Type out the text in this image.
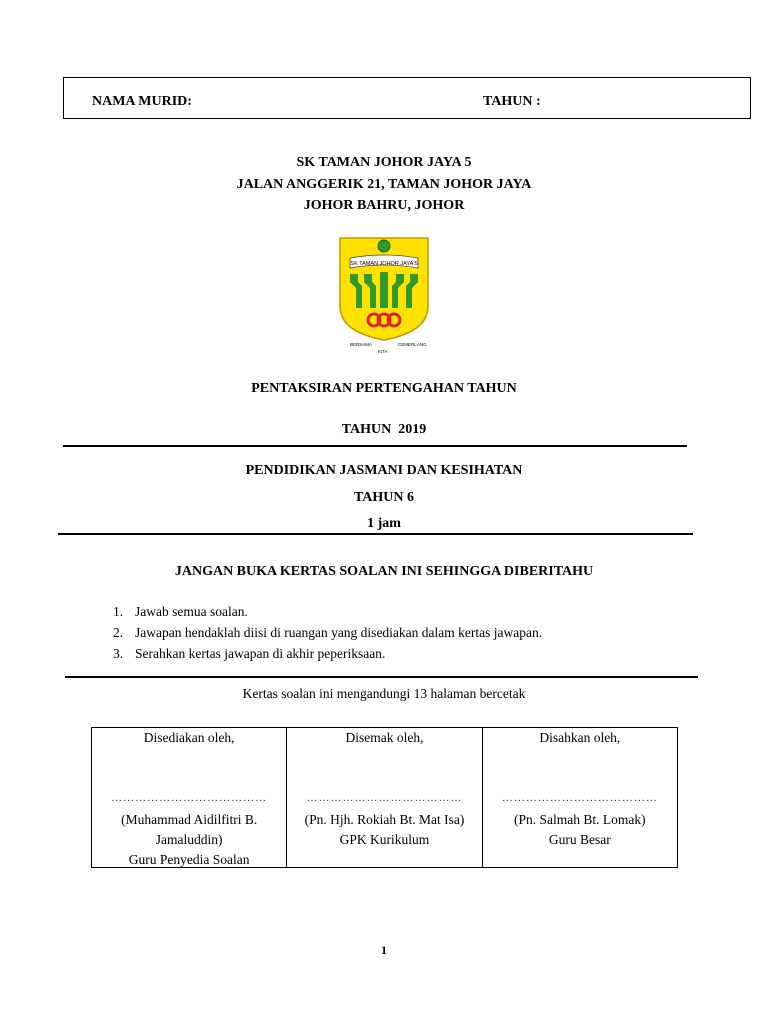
NAMA MURID:	TAHUN :
SK TAMAN JOHOR JAYA 5
JALAN ANGGERIK 21, TAMAN JOHOR JAYA
JOHOR BAHRU, JOHOR
SK TAMAN JOHOR JAYA 5
BERSAMA
KITA
CEMERLANG
PENTAKSIRAN PERTENGAHAN TAHUN
TAHUN  2019
PENDIDIKAN JASMANI DAN KESIHATAN
TAHUN 6
1 jam
JANGAN BUKA KERTAS SOALAN INI SEHINGGA DIBERITAHU
1. Jawab semua soalan.
2. Jawapan hendaklah diisi di ruangan yang disediakan dalam kertas jawapan.
3. Serahkan kertas jawapan di akhir peperiksaan.
Kertas soalan ini mengandungi 13 halaman bercetak
Disediakan oleh,
…………………………………
(Muhammad Aidilfitri B. Jamaluddin)
Guru Penyedia Soalan

Disemak oleh,
…………………………………
(Pn. Hjh. Rokiah Bt. Mat Isa)
GPK Kurikulum

Disahkan oleh,
…………………………………
(Pn. Salmah Bt. Lomak)
Guru Besar
1
